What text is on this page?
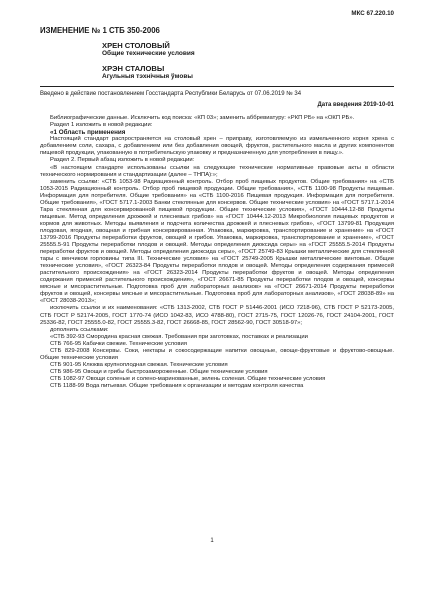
МКС 67.220.10
ИЗМЕНЕНИЕ № 1 СТБ 350-2006
ХРЕН СТОЛОВЫЙ
Общие технические условия
ХРЭН СТАЛОВЫ
Агульныя тэхнічныя ўмовы
Введено в действие постановлением Госстандарта Республики Беларусь от 07.06.2019 № 34
Дата введения 2019-10-01

Библиографические данные. Исключить код поиска: «КП 03»; заменить аббревиатуру: «РКП РБ» на «ОКП РБ».

Раздел 1 изложить в новой редакции:

«1 Область применения

Настоящий стандарт распространяется на столовый хрен – приправу, изготовляемую из измельченного корня хрена с добавлением соли, сахара, с добавлением или без добавления овощей, фруктов, растительного масла и других компонентов пищевой продукции, упакованную в потребительскую упаковку и предназначенную для употребления в пищу.».

Раздел 2. Первый абзац изложить в новой редакции:

«В настоящем стандарте использованы ссылки на следующие технические нормативные правовые акты в области технического нормирования и стандартизации (далее – ТНПА):»;

заменить ссылки: «СТБ 1053-98 Радиационный контроль. Отбор проб пищевых продуктов. Общие требования» на «СТБ 1053-2015 Радиационный контроль. Отбор проб пищевой продукции. Общие требования», «СТБ 1100-98 Продукты пищевые. Информация для потребителя. Общие требования» на «СТБ 1100-2016 Пищевая продукция. Информация для потребителя. Общие требования», «ГОСТ 5717.1-2003 Банки стеклянные для консервов. Общие технические условия» на «ГОСТ 5717.1-2014 Тара стеклянная для консервированной пищевой продукции. Общие технические условия», «ГОСТ 10444.12-88 Продукты пищевые. Метод определения дрожжей и плесневых грибов» на «ГОСТ 10444.12-2013 Микробиология пищевых продуктов и кормов для животных. Методы выявления и подсчета количества дрожжей и плесневых грибов», «ГОСТ 13799-81 Продукция плодовая, ягодная, овощная и грибная консервированная. Упаковка, маркировка, транспортирование и хранение» на «ГОСТ 13799-2016 Продукты переработки фруктов, овощей и грибов. Упаковка, маркировка, транспортирование и хранение», «ГОСТ 25555.5-91 Продукты переработки плодов и овощей. Методы определения диоксида серы» на «ГОСТ 25555.5-2014 Продукты переработки фруктов и овощей. Методы определения диоксида серы», «ГОСТ 25749-83 Крышки металлические для стеклянной тары с венчиком горловины типа III. Технические условия» на «ГОСТ 25749-2005 Крышки металлические винтовые. Общие технические условия», «ГОСТ 26323-84 Продукты переработки плодов и овощей. Методы определения содержания примесей растительного происхождения» на «ГОСТ 26323-2014 Продукты переработки фруктов и овощей. Методы определения содержания примесей растительного происхождения», «ГОСТ 26671-85 Продукты переработки плодов и овощей, консервы мясные и мясорастительные. Подготовка проб для лабораторных анализов» на «ГОСТ 26671-2014 Продукты переработки фруктов и овощей, консервы мясные и мясорастительные. Подготовка проб для лабораторных анализов», «ГОСТ 28038-89» на «ГОСТ 28038-2013»;

исключить ссылки и их наименования: «СТБ 1313-2002, СТБ ГОСТ Р 51446-2001 (ИСО 7218-96), СТБ ГОСТ Р 52173-2005, СТБ ГОСТ Р 52174-2005, ГОСТ 1770-74 (ИСО 1042-83, ИСО 4788-80), ГОСТ 2715-75, ГОСТ 12026-76, ГОСТ 24104-2001, ГОСТ 25336-82, ГОСТ 25555.0-82, ГОСТ 25555.3-82, ГОСТ 26668-85, ГОСТ 28562-90, ГОСТ 30518-97»;

дополнить ссылками:

«СТБ 392-93 Смородина красная свежая. Требования при заготовках, поставках и реализации

СТБ 766-95 Кабачки свежие. Технические условия

СТБ 829-2008 Консервы. Соки, нектары и сокосодержащие напитки овощные, овоще-фруктовые и фруктово-овощные. Общие технические условия

СТБ 901-95 Клюква крупноплодная свежая. Технические условия

СТБ 986-95 Овощи и грибы быстрозамороженные. Общие технические условия

СТБ 1082-97 Овощи соленые и солено-маринованные, зелень соленая. Общие технические условия

СТБ 1188-99 Вода питьевая. Общие требования к организации и методам контроля качества

1
